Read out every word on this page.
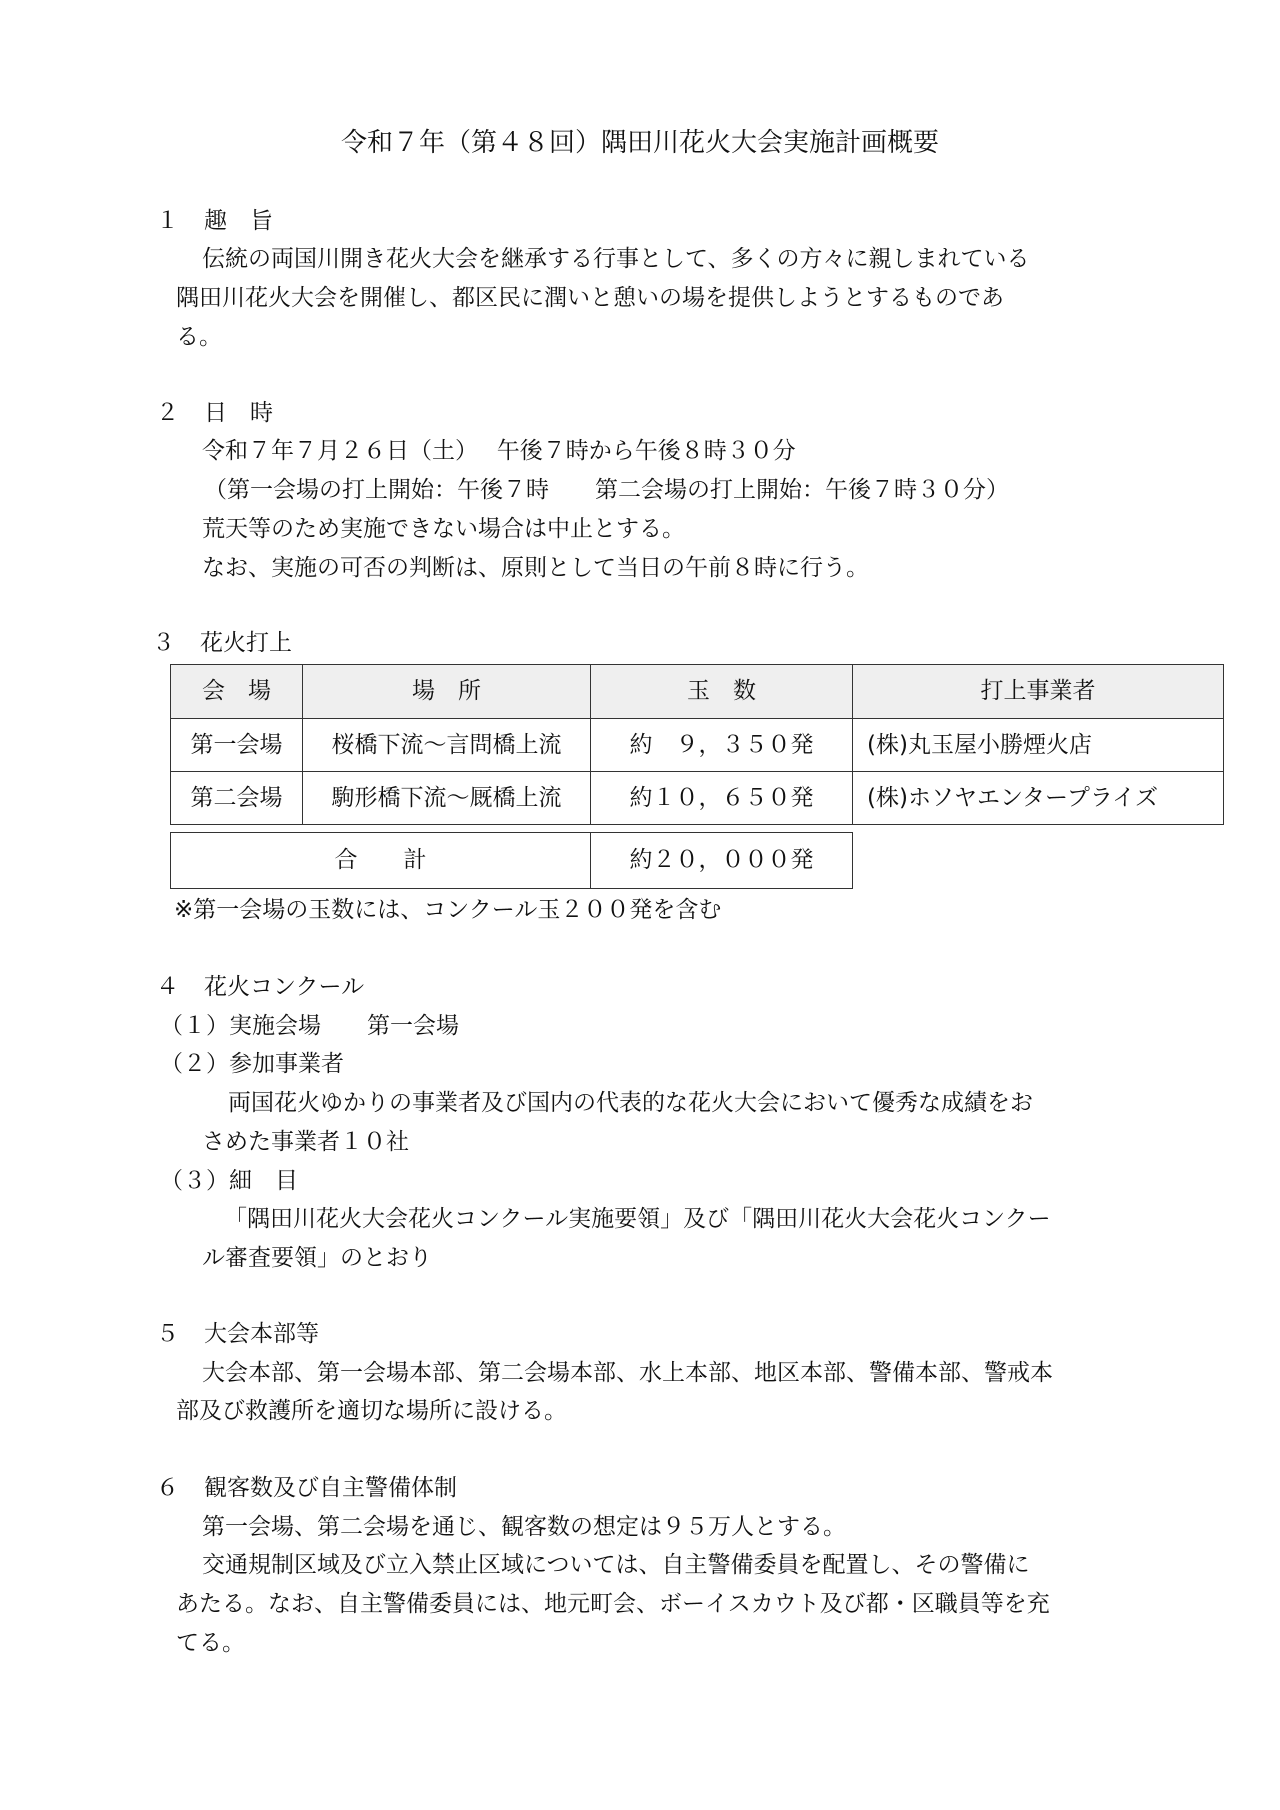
令和７年（第４８回）隅田川花火大会実施計画概要
１ 趣　旨
伝統の両国川開き花火大会を継承する行事として、多くの方々に親しまれている
隅田川花火大会を開催し、都区民に潤いと憩いの場を提供しようとするものであ
る。
２ 日　時
令和７年７月２６日（土）　 午後７時から午後８時３０分
（第一会場の打上開始：午後７時　　第二会場の打上開始：午後７時３０分）
荒天等のため実施できない場合は中止とする。
なお、実施の可否の判断は、原則として当日の午前８時に行う。
３ 花火打上
会　場	場　所	玉　数	打上事業者
第一会場	桜橋下流～言問橋上流	約　９，３５０発	(株)丸玉屋小勝煙火店
第二会場	駒形橋下流～厩橋上流	約１０，６５０発	(株)ホソヤエンタープライズ
合　　計	約２０，０００発
※第一会場の玉数には、コンクール玉２００発を含む
４ 花火コンクール
（１）実施会場　　第一会場
（２）参加事業者
両国花火ゆかりの事業者及び国内の代表的な花火大会において優秀な成績をお
さめた事業者１０社
（３）細　目
「隅田川花火大会花火コンクール実施要領」及び「隅田川花火大会花火コンクー
ル審査要領」のとおり
５ 大会本部等
大会本部、第一会場本部、第二会場本部、水上本部、地区本部、警備本部、警戒本
部及び救護所を適切な場所に設ける。
６ 観客数及び自主警備体制
第一会場、第二会場を通じ、観客数の想定は９５万人とする。
交通規制区域及び立入禁止区域については、自主警備委員を配置し、その警備に
あたる。なお、自主警備委員には、地元町会、ボーイスカウト及び都・区職員等を充
てる。
